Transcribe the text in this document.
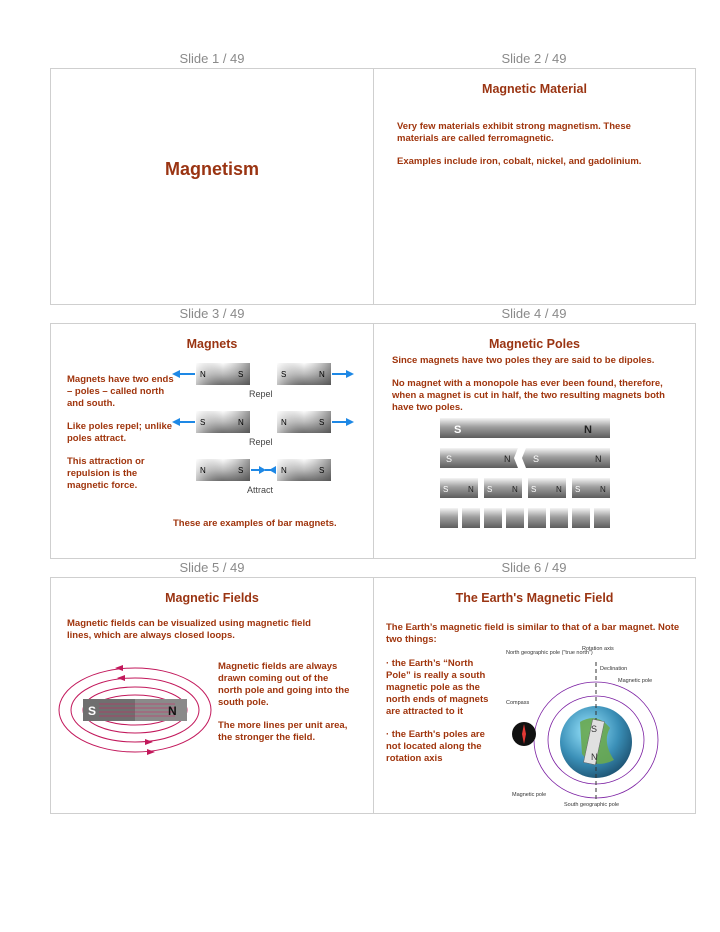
Slide 1 / 49
Magnetism
Slide 2 / 49
Magnetic Material

Very few materials exhibit strong magnetism. These materials are called ferromagnetic.

Examples include iron, cobalt, nickel, and gadolinium.

Slide 3 / 49
Magnets

Magnets have two ends – poles – called north and south.

Like poles repel; unlike poles attract.

This attraction or repulsion is the magnetic force.

N	S	S	N
Repel
S	N	N	S
Repel
N	S	N	S
Attract
These are examples of bar magnets.
Slide 4 / 49
Magnetic Poles

Since magnets have two poles they are said to be dipoles.

No magnet with a monopole has ever been found, therefore, when a magnet is cut in half, the two resulting magnets both have two poles.

S	N
S	N	S	N
S N S N S N S N
Slide 5 / 49
Magnetic Fields
Magnetic fields can be visualized using magnetic field lines, which are always closed loops.
S	N

Magnetic fields are always drawn coming out of the north pole and going into the south pole.

The more lines per unit area, the stronger the field.

Slide 6 / 49
The Earth's Magnetic Field
The Earth’s magnetic field is similar to that of a bar magnet. Note two things:

· the Earth’s “North Pole” is really a south magnetic pole as the north ends of magnets are attracted to it

· the Earth's poles are not located along the rotation axis

North geographic pole ("true north")
Rotation axis
Declination
Magnetic pole
Compass
S
N
Magnetic pole
South geographic pole
